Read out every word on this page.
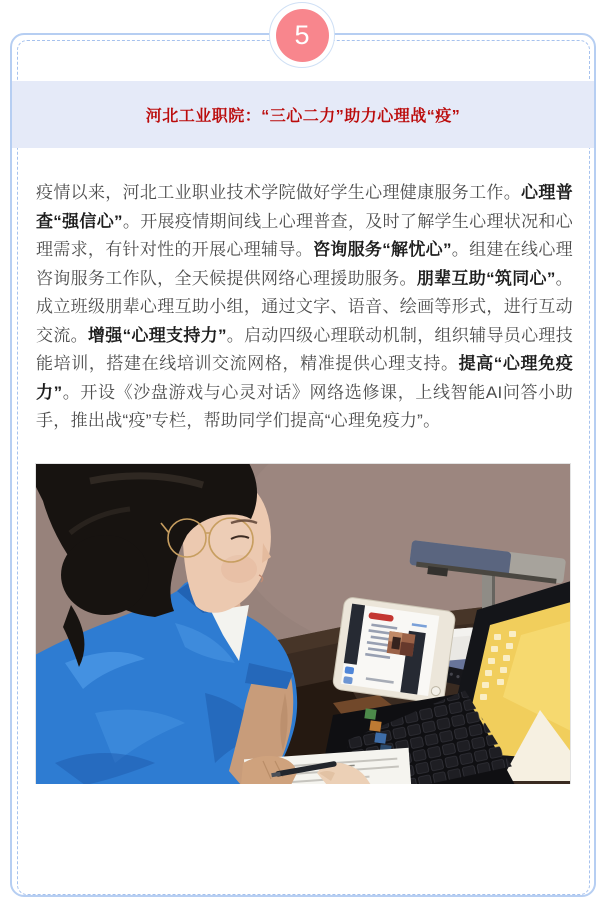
5
河北工业职院：“三心二力”助力心理战“疫”

疫情以来，河北工业职业技术学院做好学生心理健康服务工作。心理普查“强信心”。开展疫情期间线上心理普查，及时了解学生心理状况和心理需求，有针对性的开展心理辅导。咨询服务“解忧心”。组建在线心理咨询服务工作队，全天候提供网络心理援助服务。朋辈互助“筑同心”。成立班级朋辈心理互助小组，通过文字、语音、绘画等形式，进行互动交流。增强“心理支持力”。启动四级心理联动机制，组织辅导员心理技能培训，搭建在线培训交流网格，精准提供心理支持。提高“心理免疫力”。开设《沙盘游戏与心灵对话》网络选修课，上线智能AI问答小助手，推出战“疫”专栏，帮助同学们提高“心理免疫力”。
